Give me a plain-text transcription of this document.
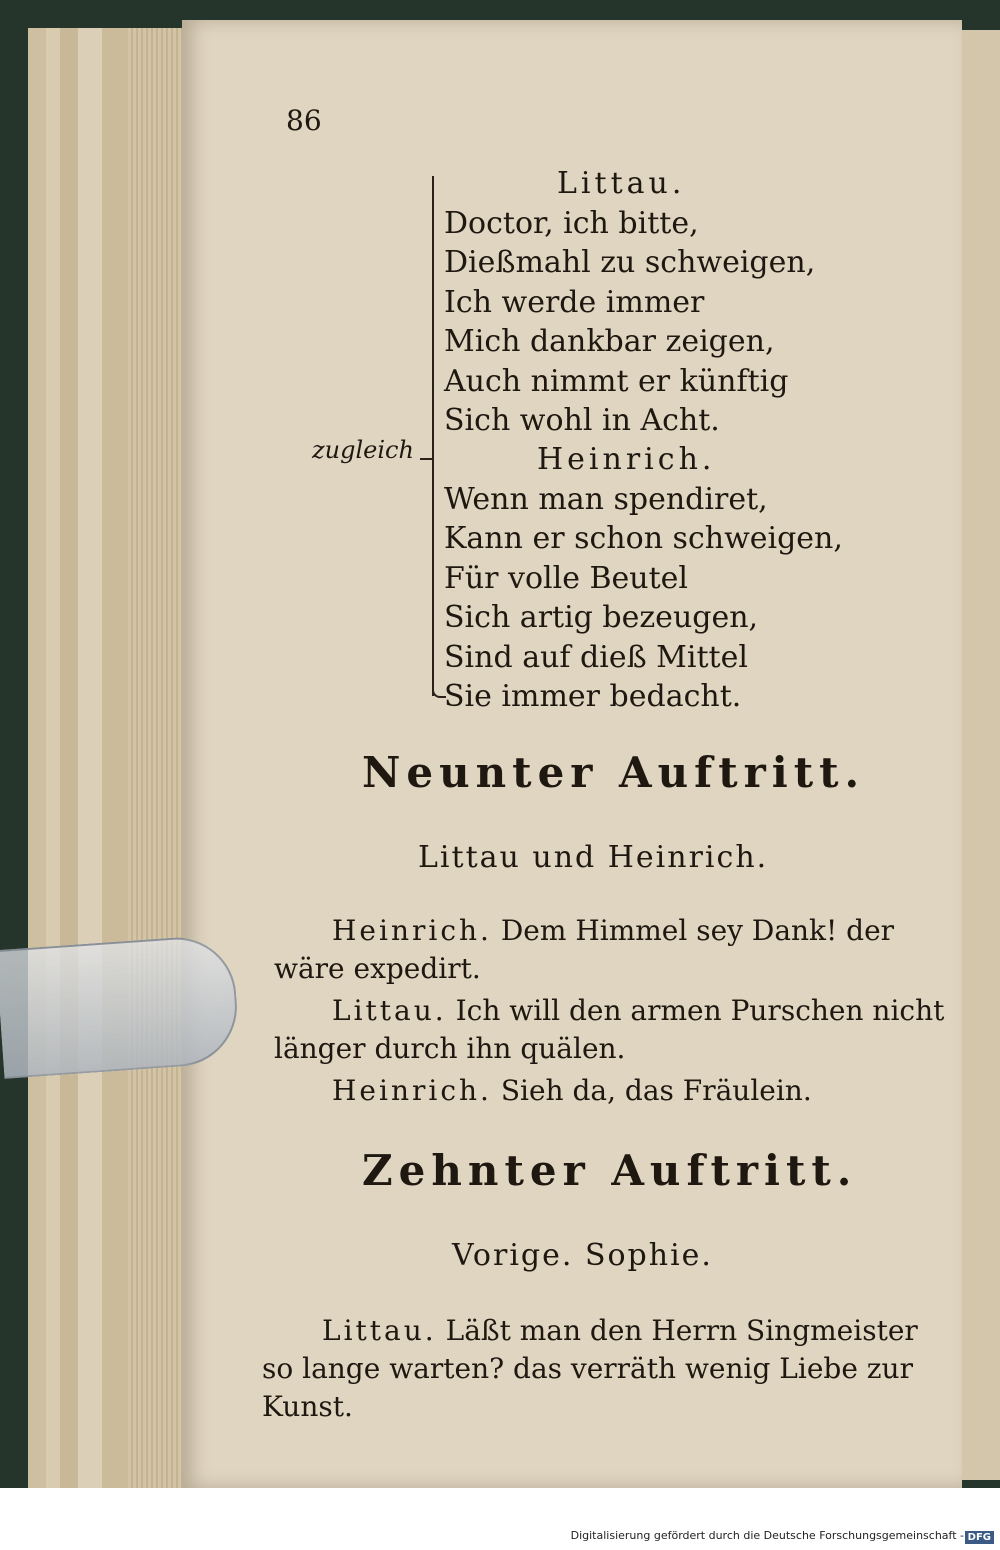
86
zugleich
Littau.
Doctor, ich bitte,
Dießmahl zu schweigen,
Ich werde immer
Mich dankbar zeigen,
Auch nimmt er künftig
Sich wohl in Acht.
Heinrich.
Wenn man spendiret,
Kann er schon schweigen,
Für volle Beutel
Sich artig bezeugen,
Sind auf dieß Mittel
Sie immer bedacht.
Neunter Auftritt.
Littau und Heinrich.
Heinrich. Dem Himmel sey Dank! der
wäre expedirt.
Littau. Ich will den armen Purschen nicht
länger durch ihn quälen.
Heinrich. Sieh da, das Fräulein.
Zehnter Auftritt.
Vorige. Sophie.
Littau. Läßt man den Herrn Singmeister
so lange warten? das verräth wenig Liebe zur
Kunst.
Digitalisierung gefördert durch die Deutsche Forschungsgemeinschaft - DFG
